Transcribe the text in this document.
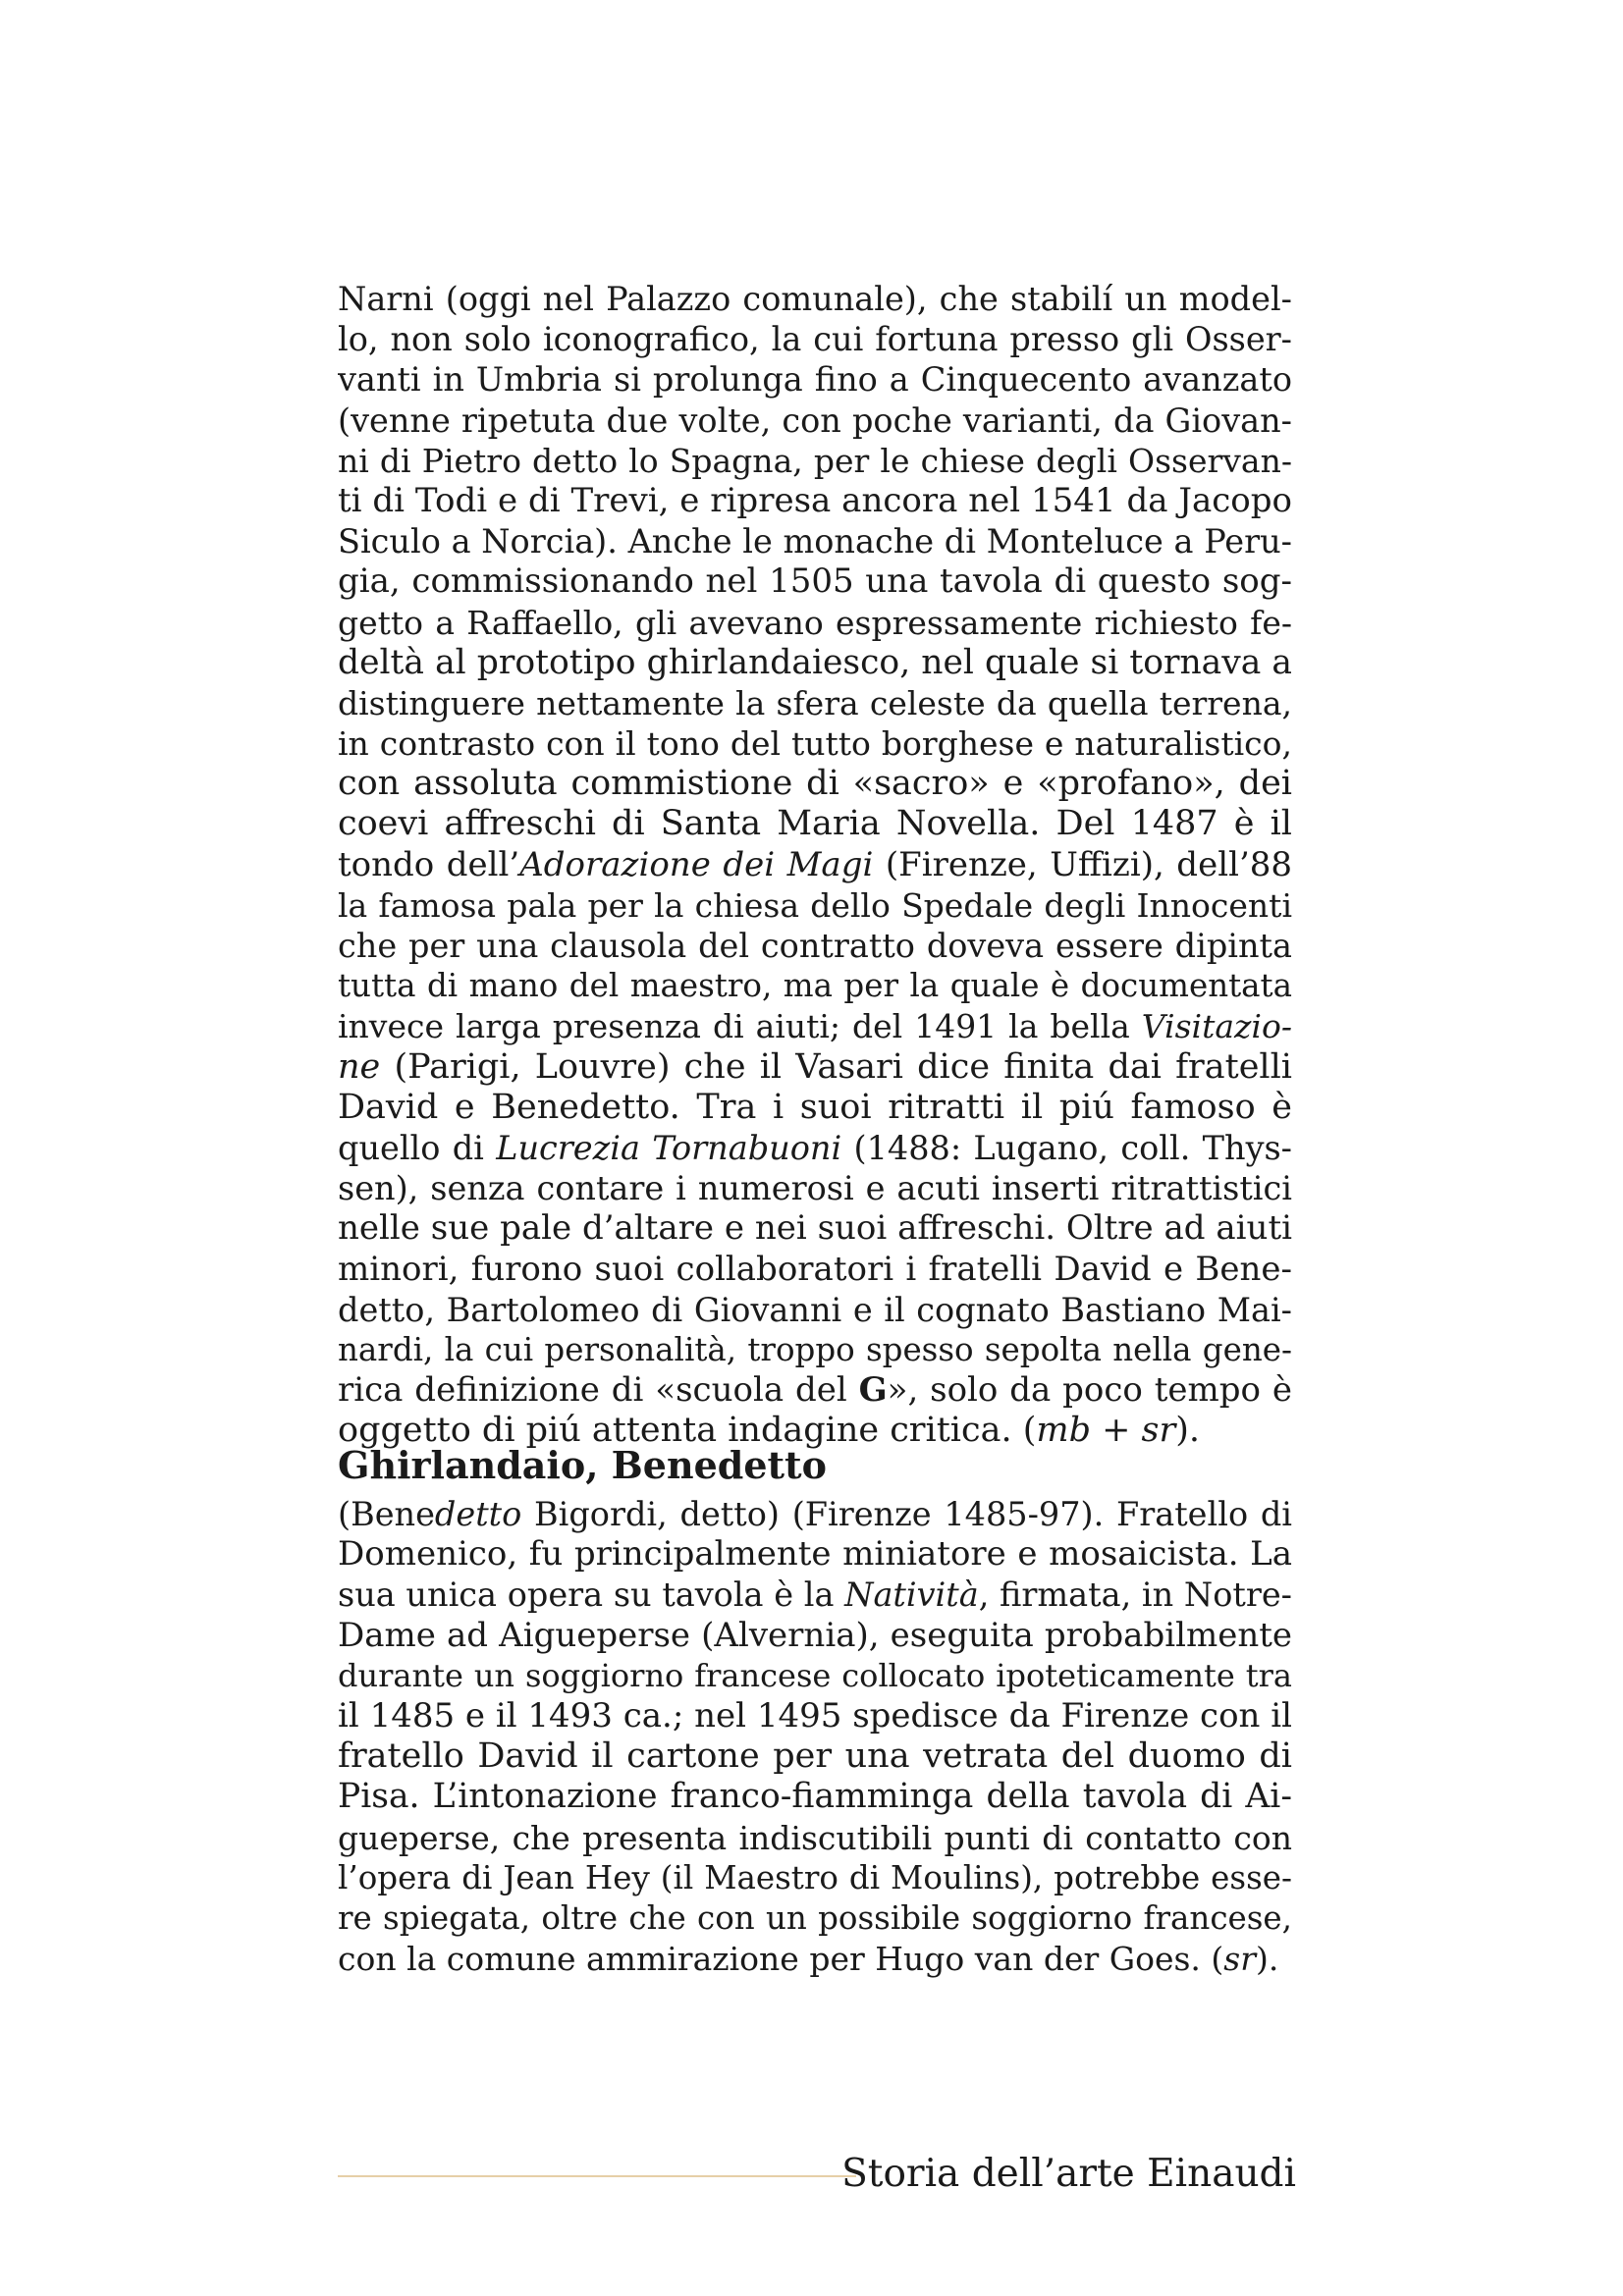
Narni (oggi nel Palazzo comunale), che stabilí un model-
lo, non solo iconografico, la cui fortuna presso gli Osser-
vanti in Umbria si prolunga fino a Cinquecento avanzato
(venne ripetuta due volte, con poche varianti, da Giovan-
ni di Pietro detto lo Spagna, per le chiese degli Osservan-
ti di Todi e di Trevi, e ripresa ancora nel 1541 da Jacopo
Siculo a Norcia). Anche le monache di Monteluce a Peru-
gia, commissionando nel 1505 una tavola di questo sog-
getto a Raffaello, gli avevano espressamente richiesto fe-
deltà al prototipo ghirlandaiesco, nel quale si tornava a
distinguere nettamente la sfera celeste da quella terrena,
in contrasto con il tono del tutto borghese e naturalistico,
con assoluta commistione di «sacro» e «profano», dei
coevi affreschi di Santa Maria Novella. Del 1487 è il
tondo dell’Adorazione dei Magi (Firenze, Uffizi), dell’88
la famosa pala per la chiesa dello Spedale degli Innocenti
che per una clausola del contratto doveva essere dipinta
tutta di mano del maestro, ma per la quale è documentata
invece larga presenza di aiuti; del 1491 la bella Visitazio-
ne (Parigi, Louvre) che il Vasari dice finita dai fratelli
David e Benedetto. Tra i suoi ritratti il piú famoso è
quello di Lucrezia Tornabuoni (1488: Lugano, coll. Thys-
sen), senza contare i numerosi e acuti inserti ritrattistici
nelle sue pale d’altare e nei suoi affreschi. Oltre ad aiuti
minori, furono suoi collaboratori i fratelli David e Bene-
detto, Bartolomeo di Giovanni e il cognato Bastiano Mai-
nardi, la cui personalità, troppo spesso sepolta nella gene-
rica definizione di «scuola del G», solo da poco tempo è
oggetto di piú attenta indagine critica. (mb + sr).
Ghirlandaio, Benedetto
(Benedetto Bigordi, detto) (Firenze 1485-97). Fratello di
Domenico, fu principalmente miniatore e mosaicista. La
sua unica opera su tavola è la Natività, firmata, in Notre-
Dame ad Aigueperse (Alvernia), eseguita probabilmente
durante un soggiorno francese collocato ipoteticamente tra
il 1485 e il 1493 ca.; nel 1495 spedisce da Firenze con il
fratello David il cartone per una vetrata del duomo di
Pisa. L’intonazione franco-fiamminga della tavola di Ai-
gueperse, che presenta indiscutibili punti di contatto con
l’opera di Jean Hey (il Maestro di Moulins), potrebbe esse-
re spiegata, oltre che con un possibile soggiorno francese,
con la comune ammirazione per Hugo van der Goes. (sr).
Storia dell’arte Einaudi
